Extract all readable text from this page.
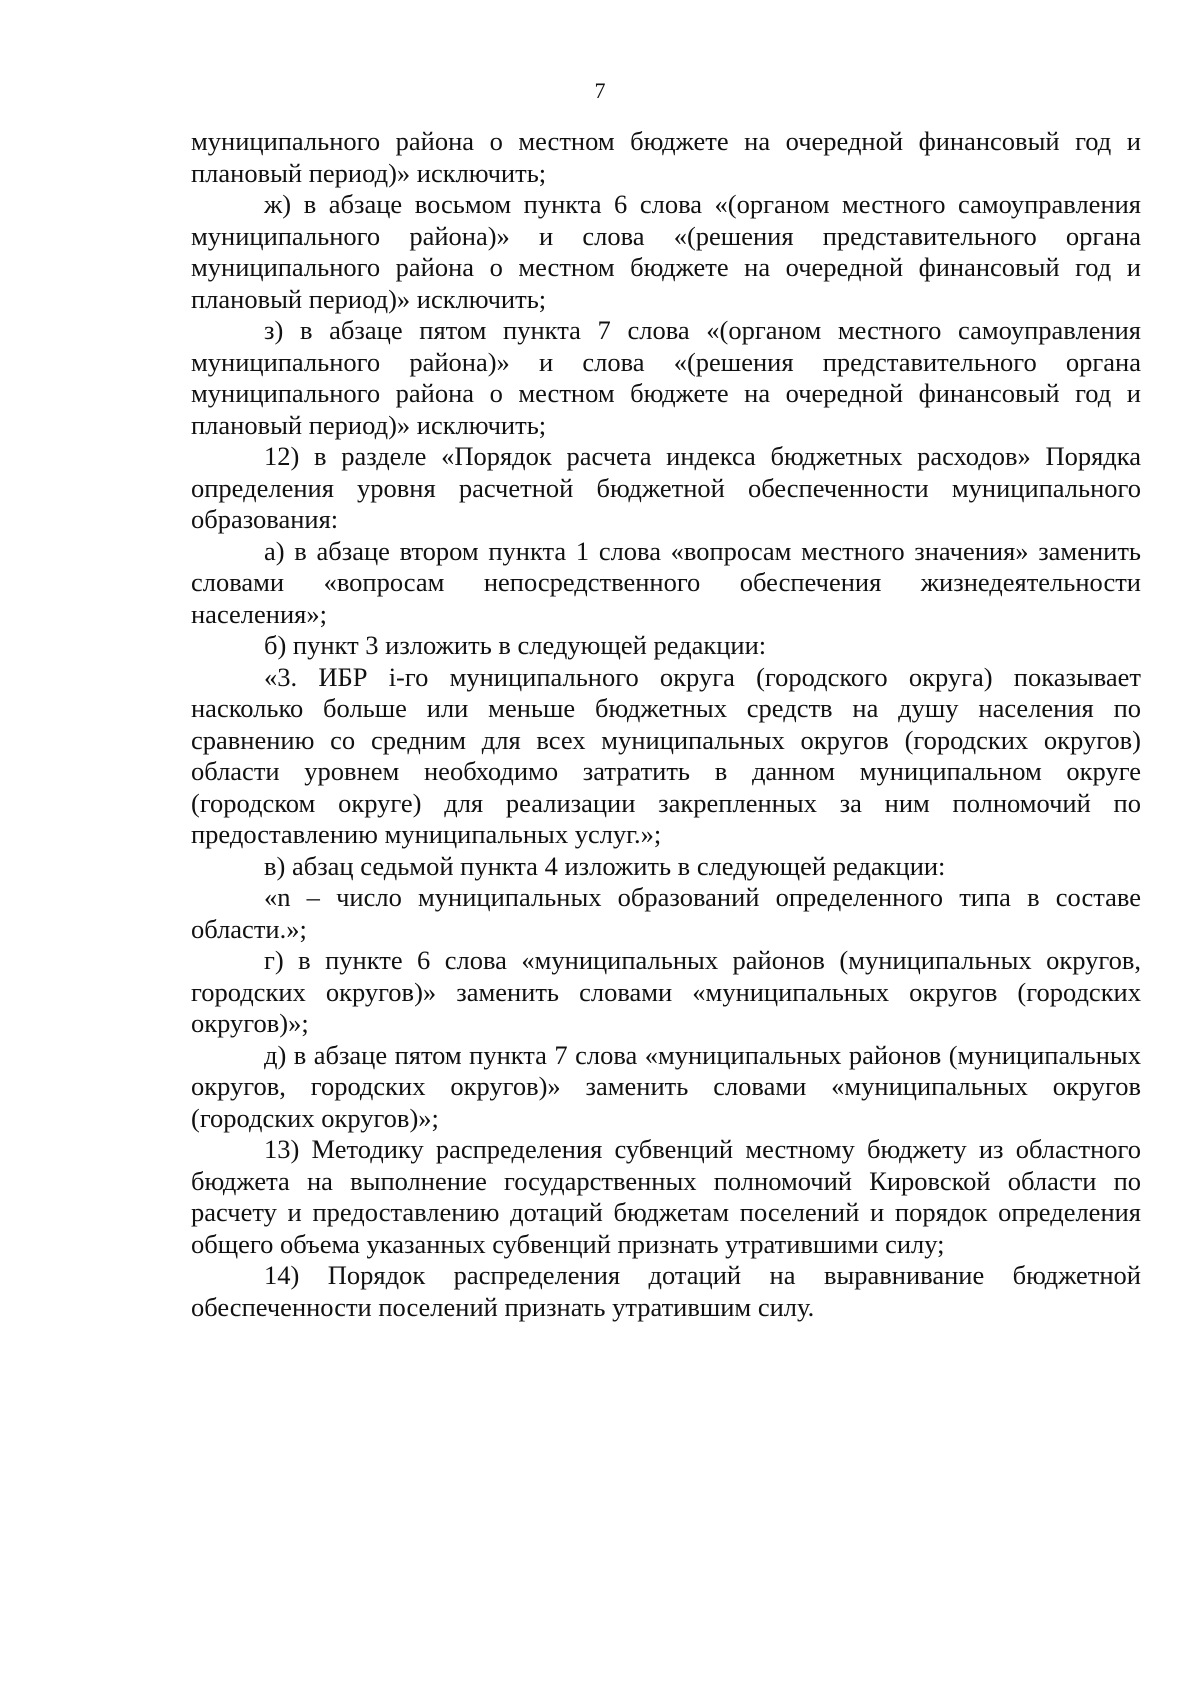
7

муниципального района о местном бюджете на очередной финансовый год и плановый период)» исключить;

ж) в абзаце восьмом пункта 6 слова «(органом местного самоуправления муниципального района)» и слова «(решения представительного органа муниципального района о местном бюджете на очередной финансовый год и плановый период)» исключить;

з) в абзаце пятом пункта 7 слова «(органом местного самоуправления муниципального района)» и слова «(решения представительного органа муниципального района о местном бюджете на очередной финансовый год и плановый период)» исключить;

12) в разделе «Порядок расчета индекса бюджетных расходов» Порядка определения уровня расчетной бюджетной обеспеченности муниципального образования:

а) в абзаце втором пункта 1 слова «вопросам местного значения» заменить словами «вопросам непосредственного обеспечения жизнедеятельности населения»;

б) пункт 3 изложить в следующей редакции:

«3. ИБР i-го муниципального округа (городского округа) показывает насколько больше или меньше бюджетных средств на душу населения по сравнению со средним для всех муниципальных округов (городских округов) области уровнем необходимо затратить в данном муниципальном округе (городском округе) для реализации закрепленных за ним полномочий по предоставлению муниципальных услуг.»;

в) абзац седьмой пункта 4 изложить в следующей редакции:

«n – число муниципальных образований определенного типа в составе области.»;

г) в пункте 6 слова «муниципальных районов (муниципальных округов, городских округов)» заменить словами «муниципальных округов (городских округов)»;

д) в абзаце пятом пункта 7 слова «муниципальных районов (муниципальных округов, городских округов)» заменить словами «муниципальных округов (городских округов)»;

13) Методику распределения субвенций местному бюджету из областного бюджета на выполнение государственных полномочий Кировской области по расчету и предоставлению дотаций бюджетам поселений и порядок определения общего объема указанных субвенций признать утратившими силу;

14) Порядок распределения дотаций на выравнивание бюджетной обеспеченности поселений признать утратившим силу.
